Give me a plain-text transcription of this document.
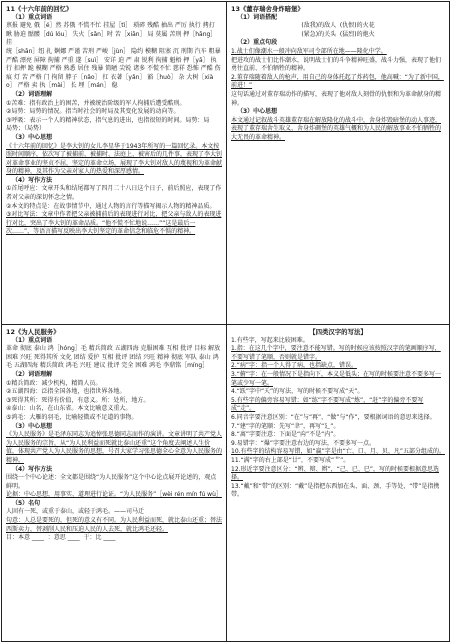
11《十六年前的回忆》
（1）重点词语
禀报 避免 俄［é］然 苏俄 不慌不忙 挂屋［tì］ 琐碎 残酷 抽出 严厉 执行 拷打 瞅 胁迫 骷髅［dú lóu］ 失火［sǎn］时 苦［xiān］ 局 莫属 苦刑 押［hāng］ 挂
统［shān］纽 扎 婀娜 严谨 苦刑 严峻［jùn］ 隐约 模糊 阻塞 沉 刑期 汽车 粗暴 严酷 漂亮 屏障 拘捕 严重 遂［suì］ 安详 迫 严 肃 锐利 拘捕 魁梧 押［yā］ 执行 扣押 跪 模糊 严格 熟悉 居住 残暴 简陋 尖锐 诸多 不慌不忙 慈祥 恐怖 严酷 伤痕 灯 苦 严格 门 拘留 脖子［nǎo］ 扛 衣著［yǎn］ 豁［huò］ 杂 大树［xiào］ 严格 卖 执［mài］ 长 埋［mán］ 稳
（2）词语理解
①苦难：指有政治上的困苦，并被统治阶级的军人拘捕后遭受酷刑。
②局势：局势的情况。指当时社会的时局及其变化发展的动向等。
③呼吸：表示一个人的精神状态，指气息的进出，也指很短的时间。局势：局
局势；（局势）
（3）中心思想
《十六年前的回忆》是李大钊的女儿李星华于1943年所写的一篇回忆录。本文按照时间顺序，依次写了被捕前、被捕时、法庭上、被害后的几件事，表现了李大钊对革命事业的坚贞不屈，坚定的革命立场，展现了李大钊对敌人的蔑视和为革命献身的精神，及其作为父亲对家人的热爱和深厚感情。
（4）写作方法
①首尾呼应：文章开头和结尾都写了四月二十八日这个日子，前后照应，表现了作者对父亲的深切怀念之情。
②本文的特点是：在故事情节中，通过人物的言行等描写揭示人物的精神品质。
③对比写法：文章中作者把父亲被捕前后的表现进行对比，把父亲与敌人的表现进行对比，突出了李大钊的革命品质。“他不慌不忙地说……”“这是最后一次……”，等语言描写反映出李大钊坚定的革命信念和临危不惧的精神。
13《董存瑞舍身炸暗堡》
（1）词语搭配
(敌我)的敌人  (仇恨)的火花
(紧急)的关头  (猛烈)的炮火
（2）重点句段
1.战士们像潮水一般冲向敌军司令部所在地——隆化中学。
把进攻的战士们比作潮水，说明战士们的斗争精神旺盛，战斗力强，表现了他们勇往直前、不怕牺牲的精神。
2.董存瑞随着敌人的枪声，用自己的身体托起了炸药包，他高喊：“为了新中国，前进！”
这句话通过对董存瑞动作的描写，表现了他对敌人刻骨的仇恨和为革命献身的精神。
（3）中心思想
本文通过记叙战斗英雄董存瑞在解放隆化的战斗中，舍身炸毁暗堡的动人事迹，表现了董存瑞舍生取义、舍身炸碉堡的英雄气概和为人民的解放事业不怕牺牲的大无畏的革命精神。
12《为人民服务》
（1）重点词语
革命 彻底 泰山 鸿［hóng］毛 精兵简政 五湖四海 克服困难 互相 批评 目标 解放 困难 兴旺 死得其所 文化 团结 爱护 互相 批评 团结 兴旺 精神 彻底 军队 泰山 鸿毛 五湖四海 精兵简政 鸿毛 兴旺 建议 批评 完全 困难 鸿毛 李鼎铭［míng］
（2）词语理解
①精兵简政：减少机构，精简人员。
②五湖四海：泛指全国各地，也指世界各地。
③死得其所：死得有价值，有意义。所：处所，地方。
④泰山：山名，在山东省。本文比喻意义重大。
⑤鸿毛：大雁的羽毛，比喻轻微或不足道的事物。
（3）中心思想
《为人民服务》是毛泽东同志为追悼张思德同志而作的演讲。文章讲明了共产党人为人民服务的宗旨，从“为人民利益而死就比泰山还重”这个角度去阐述人生价值，体现共产党人为人民服务的思想，号召大家学习张思德全心全意为人民服务的精神。
（4）写作方法
围绕一个中心论述：全文都是围绕“为人民服务”这个中心论点展开论述的，观点鲜明。
论据：中心思想，用事实、道理进行论证。“为人民服务”［wèi rén mín fú wù］
（5）名句
人固有一死，或重于泰山，或轻于鸿毛。——司马迁
句意：人总是要死的，但死的意义有不同。为人民利益而死，就比泰山还重；替法西斯卖力，替剥削人民和压迫人民的人去死，就比鸿毛还轻。
目：本意 ____  ：意思 ____  于：比 ____
【四类汉字的写法】
1.有些字，写起来比较困难。
1.指：在这几个字中，要注意不能写错。写的时候应该按照汉字的笔画顺序写，不要写错了笔顺，否则就是错字。
2.“病”字：指一个人得了病，也指缺点，错误。
3.“俯”字：在一般情况下是指向下，本义是低头；在写的时候要注意不要多写一笔或少写一笔。
4.“跃”字中“夭”的写法，写的时候不要写成“天”。
5.有些字的偏旁容易写错：如“练”字不要写成“炼”，“赶”字的偏旁不要写成“走”。
6.同音字要注意区别：“在”与“再”，“做”与“作”，要根据词语的意思来选择。
7.“建”字的笔顺：先写“聿”，再写“廴”。
8.“离”字要注意：下面是“禸”不是“内”。
9.易错字：“爆”字要注意右边的写法，不要多写一点。
10.有些字的结构容易写错，如“赢”字是由“亡、口、月、贝、凡”五部分组成的。
11.“满”字的右上部是“廿”，不要写成“艹”。
12.形近字要注意区分：“辨、辩、辫”，“己、已、巳”，写的时候要根据意思选择。
13.“戴”和“带”的区别：“戴”是指把东西加在头、面、颈、手等处，“带”是指携带。
